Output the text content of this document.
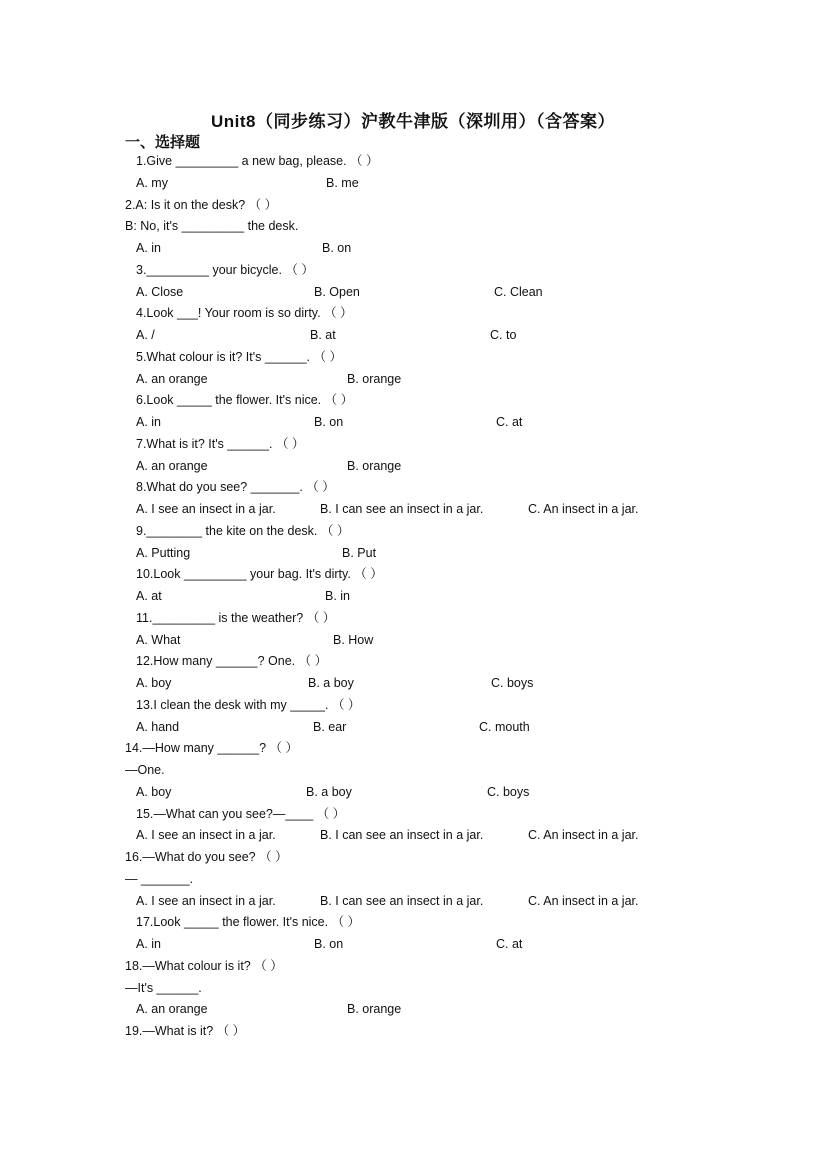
Unit8（同步练习）沪教牛津版（深圳用）（含答案）
一、选择题
1.Give _________ a new bag, please. （ ）
A. my	B. me
2.A: Is it on the desk? （ ）
B: No, it's _________ the desk.
A. in	B. on
3._________ your bicycle. （ ）
A. Close	B. Open	C. Clean
4.Look ___! Your room is so dirty. （ ）
A. /	B. at	C. to
5.What colour is it? It's ______. （ ）
A. an orange	B. orange
6.Look _____ the flower. It's nice. （ ）
A. in	B. on	C. at
7.What is it? It's ______. （ ）
A. an orange	B. orange
8.What do you see? _______. （ ）
A. I see an insect in a jar.	B. I can see an insect in a jar.	C. An insect in a jar.
9.________ the kite on the desk. （ ）
A. Putting	B. Put
10.Look _________ your bag. It's dirty. （ ）
A. at	B. in
11._________ is the weather? （ ）
A. What	B. How
12.How many ______? One. （ ）
A. boy	B. a boy	C. boys
13.I clean the desk with my _____. （ ）
A. hand	B. ear	C. mouth
14.—How many ______? （ ）
—One.
A. boy	B. a boy	C. boys
15.—What can you see?—____ （ ）
A. I see an insect in a jar.	B. I can see an insect in a jar.	C. An insect in a jar.
16.—What do you see? （ ）
— _______.
A. I see an insect in a jar.	B. I can see an insect in a jar.	C. An insect in a jar.
17.Look _____ the flower. It's nice. （ ）
A. in	B. on	C. at
18.—What colour is it? （ ）
—It's ______.
A. an orange	B. orange
19.—What is it? （ ）
